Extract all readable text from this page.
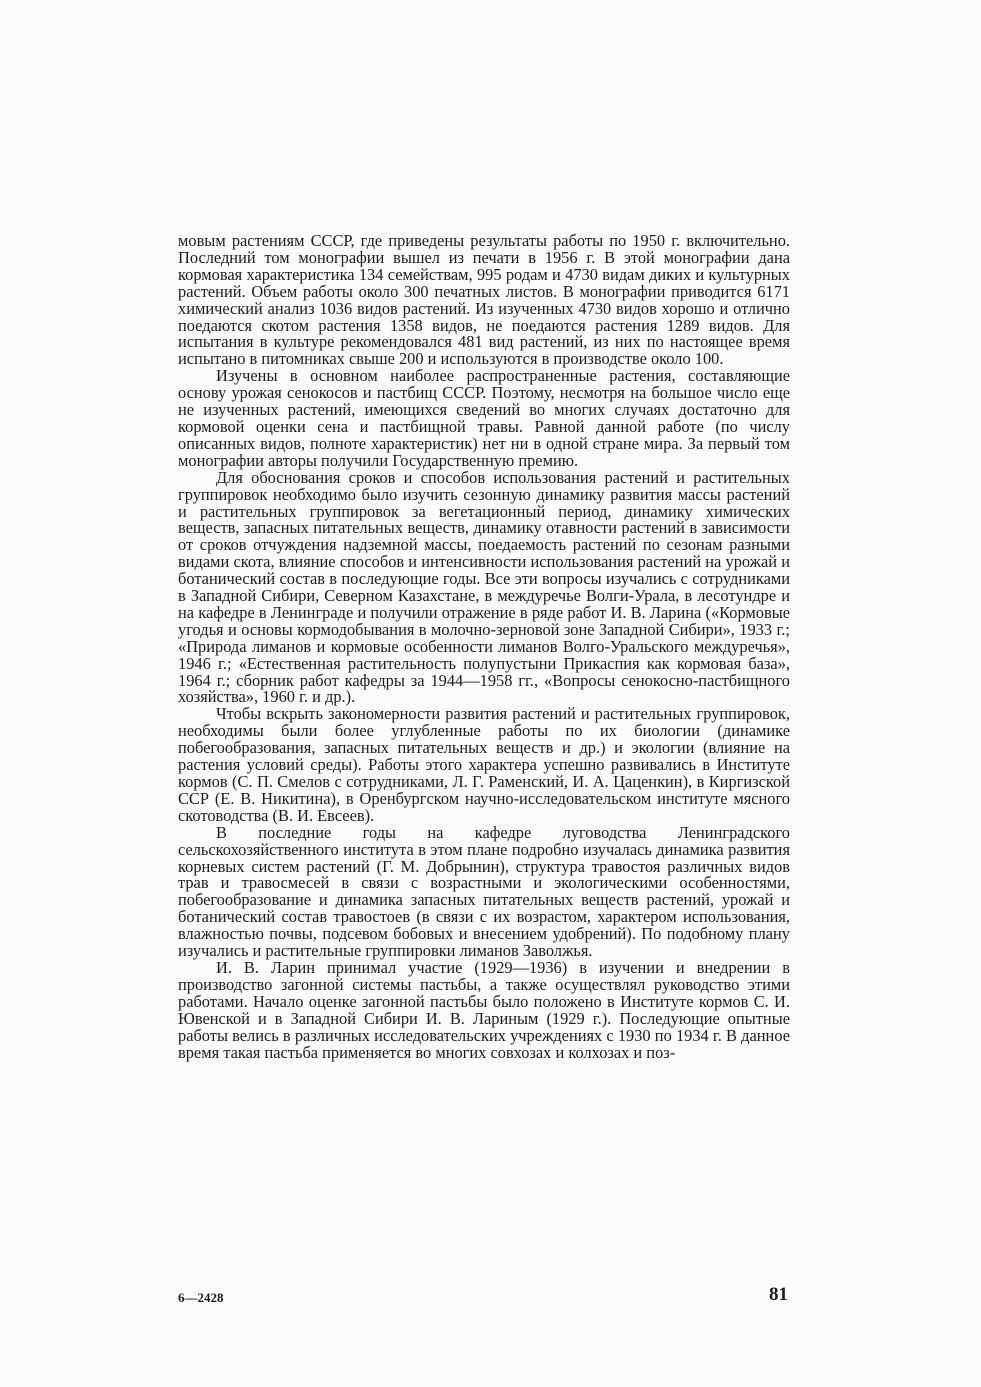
мовым растениям СССР, где приведены результаты работы по 1950 г. включительно. Последний том монографии вышел из печати в 1956 г. В этой монографии дана кормовая характеристика 134 семействам, 995 родам и 4730 видам диких и культурных растений. Объем работы около 300 печатных листов. В монографии приводится 6171 химический анализ 1036 видов растений. Из изученных 4730 видов хорошо и отлично поедаются скотом растения 1358 видов, не поедаются растения 1289 видов. Для испытания в культуре рекомендовался 481 вид растений, из них по настоящее время испытано в питомниках свыше 200 и используются в производстве около 100.

Изучены в основном наиболее распространенные растения, составляющие основу урожая сенокосов и пастбищ СССР. Поэтому, несмотря на большое число еще не изученных растений, имеющихся сведений во многих случаях достаточно для кормовой оценки сена и пастбищной травы. Равной данной работе (по числу описанных видов, полноте характеристик) нет ни в одной стране мира. За первый том монографии авторы получили Государственную премию.

Для обоснования сроков и способов использования растений и растительных группировок необходимо было изучить сезонную динамику развития массы растений и растительных группировок за вегетационный период, динамику химических веществ, запасных питательных веществ, динамику отавности растений в зависимости от сроков отчуждения надземной массы, поедаемость растений по сезонам разными видами скота, влияние способов и интенсивности использования растений на урожай и ботанический состав в последующие годы. Все эти вопросы изучались с сотрудниками в Западной Сибири, Северном Казахстане, в междуречье Волги-Урала, в лесотундре и на кафедре в Ленинграде и получили отражение в ряде работ И. В. Ларина («Кормовые угодья и основы кормодобывания в молочно-зерновой зоне Западной Сибири», 1933 г.; «Природа лиманов и кормовые особенности лиманов Волго-Уральского междуречья», 1946 г.; «Естественная растительность полупустыни Прикаспия как кормовая база», 1964 г.; сборник работ кафедры за 1944—1958 гг., «Вопросы сенокосно-пастбищного хозяйства», 1960 г. и др.).

Чтобы вскрыть закономерности развития растений и растительных группировок, необходимы были более углубленные работы по их биологии (динамике побегообразования, запасных питательных веществ и др.) и экологии (влияние на растения условий среды). Работы этого характера успешно развивались в Институте кормов (С. П. Смелов с сотрудниками, Л. Г. Раменский, И. А. Цаценкин), в Киргизской ССР (Е. В. Никитина), в Оренбургском научно-исследовательском институте мясного скотоводства (В. И. Евсеев).

В последние годы на кафедре луговодства Ленинградского сельскохозяйственного института в этом плане подробно изучалась динамика развития корневых систем растений (Г. М. Добрынин), структура травостоя различных видов трав и травосмесей в связи с возрастными и экологическими особенностями, побегообразование и динамика запасных питательных веществ растений, урожай и ботанический состав травостоев (в связи с их возрастом, характером использования, влажностью почвы, подсевом бобовых и внесением удобрений). По подобному плану изучались и растительные группировки лиманов Заволжья.

И. В. Ларин принимал участие (1929—1936) в изучении и внедрении в производство загонной системы пастьбы, а также осуществлял руководство этими работами. Начало оценке загонной пастьбы было положено в Институте кормов С. И. Ювенской и в Западной Сибири И. В. Лариным (1929 г.). Последующие опытные работы велись в различных исследовательских учреждениях с 1930 по 1934 г. В данное время такая пастьба применяется во многих совхозах и колхозах и поз-

6—2428	81
